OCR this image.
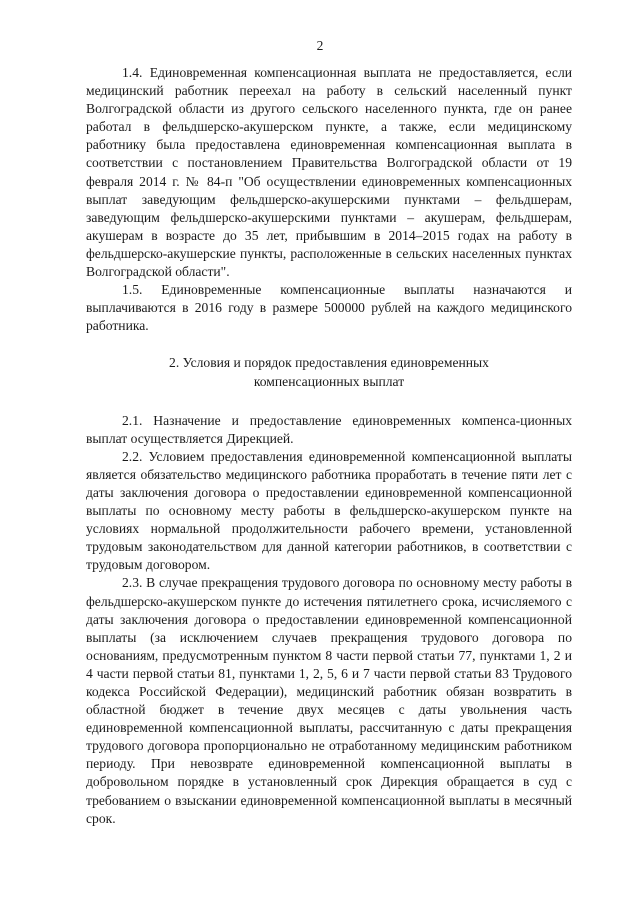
2

1.4. Единовременная компенсационная выплата не предоставляется, если медицинский работник переехал на работу в сельский населенный пункт Волгоградской области из другого сельского населенного пункта, где он ранее работал в фельдшерско-акушерском пункте, а также, если медицинскому работнику была предоставлена единовременная компенсационная выплата в соответствии с постановлением Правительства Волгоградской области от 19 февраля 2014 г. № 84-п "Об осуществлении единовременных компенсационных выплат заведующим фельдшерско-акушерскими пунктами – фельдшерам, заведующим фельдшерско-акушерскими пунктами – акушерам, фельдшерам, акушерам в возрасте до 35 лет, прибывшим в 2014–2015 годах на работу в фельдшерско-акушерские пункты, расположенные в сельских населенных пунктах Волгоградской области".

1.5. Единовременные компенсационные выплаты назначаются и выплачиваются в 2016 году в размере 500000 рублей на каждого медицинского работника.

2. Условия и порядок предоставления единовременных

компенсационных выплат

2.1. Назначение и предоставление единовременных компенса-ционных выплат осуществляется Дирекцией.

2.2. Условием предоставления единовременной компенсационной выплаты является обязательство медицинского работника проработать в течение пяти лет с даты заключения договора о предоставлении единовременной компенсационной выплаты по основному месту работы в фельдшерско-акушерском пункте на условиях нормальной продолжительности рабочего времени, установленной трудовым законодательством для данной категории работников, в соответствии с трудовым договором.

2.3. В случае прекращения трудового договора по основному месту работы в фельдшерско-акушерском пункте до истечения пятилетнего срока, исчисляемого с даты заключения договора о предоставлении единовременной компенсационной выплаты (за исключением случаев прекращения трудового договора по основаниям, предусмотренным пунктом 8 части первой статьи 77, пунктами 1, 2 и 4 части первой статьи 81, пунктами 1, 2, 5, 6 и 7 части первой статьи 83 Трудового кодекса Российской Федерации), медицинский работник обязан возвратить в областной бюджет в течение двух месяцев с даты увольнения часть единовременной компенсационной выплаты, рассчитанную с даты прекращения трудового договора пропорционально не отработанному медицинским работником периоду. При невозврате единовременной компенсационной выплаты в добровольном порядке в установленный срок Дирекция обращается в суд с требованием о взыскании единовременной компенсационной выплаты в месячный срок.
